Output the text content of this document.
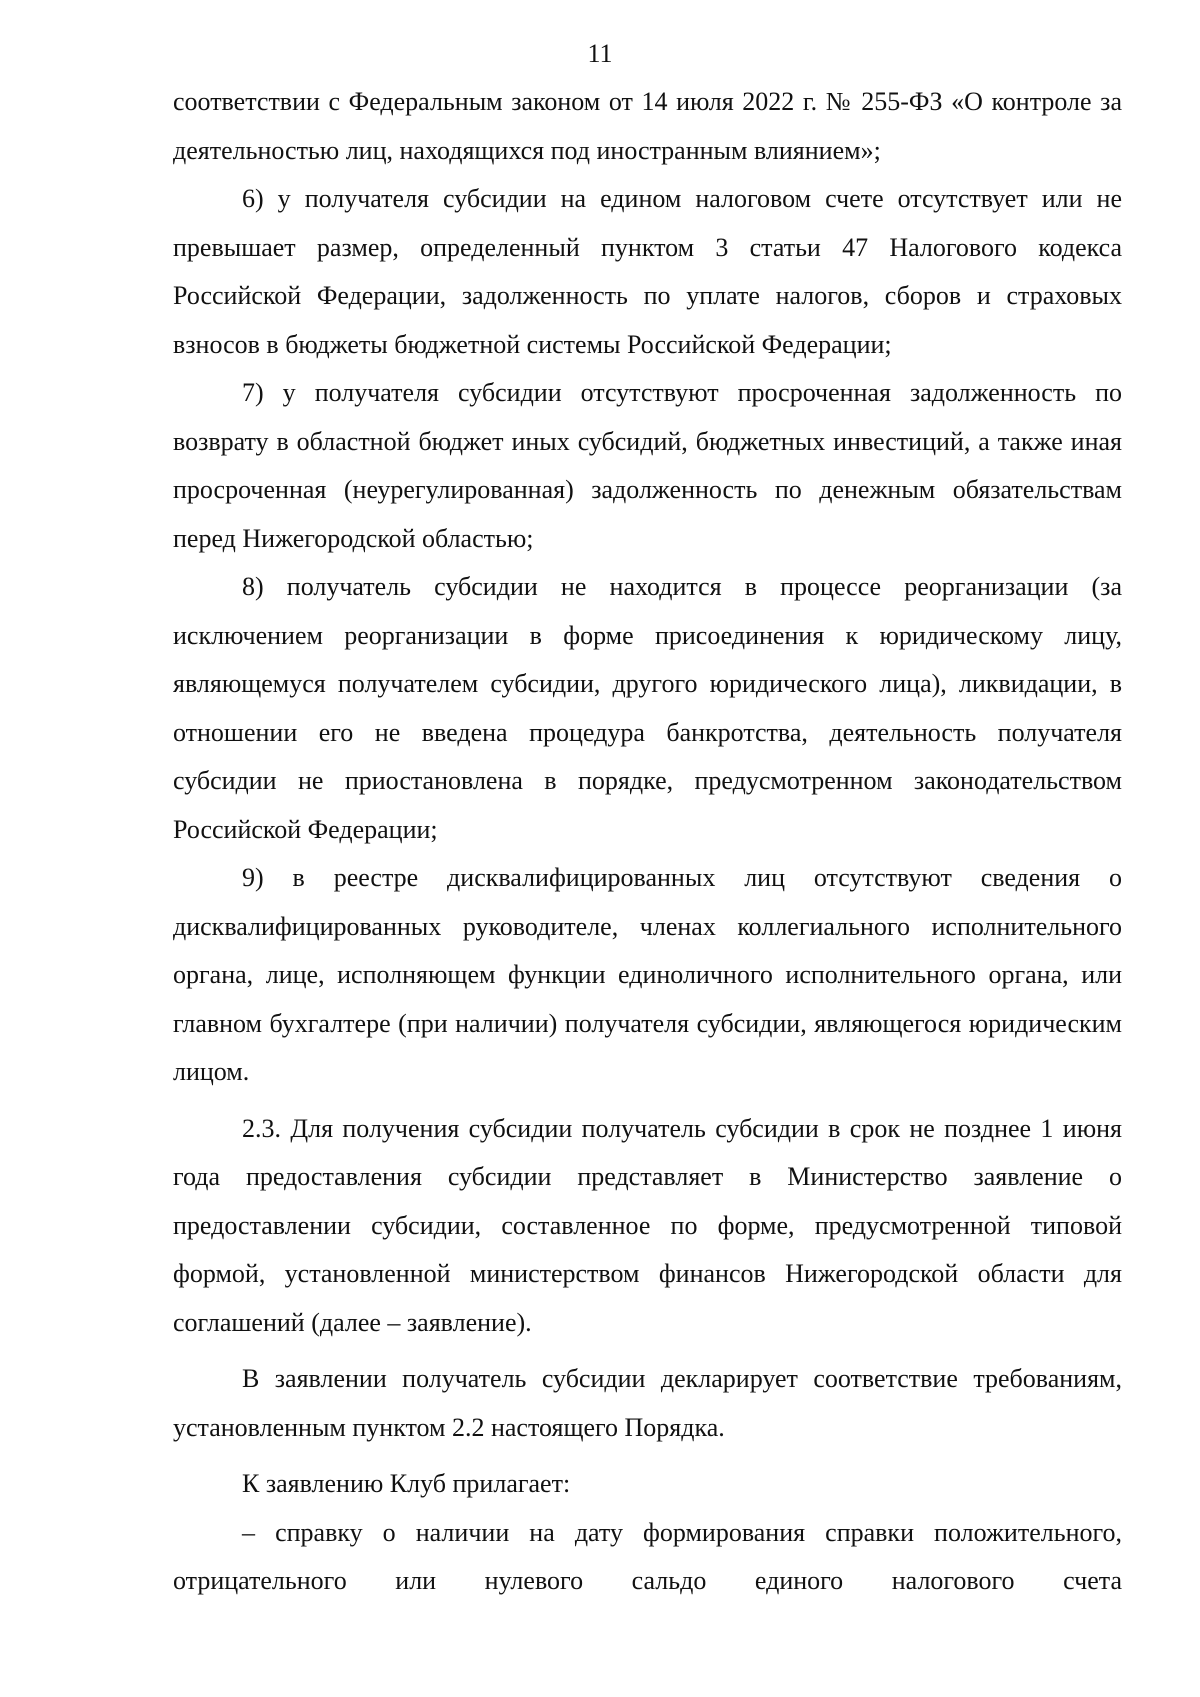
11

соответствии с Федеральным законом от 14 июля 2022 г. № 255-ФЗ «О контроле за деятельностью лиц, находящихся под иностранным влиянием»;

6) у получателя субсидии на едином налоговом счете отсутствует или не превышает размер, определенный пунктом 3 статьи 47 Налогового кодекса Российской Федерации, задолженность по уплате налогов, сборов и страховых взносов в бюджеты бюджетной системы Российской Федерации;

7) у получателя субсидии отсутствуют просроченная задолженность по возврату в областной бюджет иных субсидий, бюджетных инвестиций, а также иная просроченная (неурегулированная) задолженность по денежным обязательствам перед Нижегородской областью;

8) получатель субсидии не находится в процессе реорганизации (за исключением реорганизации в форме присоединения к юридическому лицу, являющемуся получателем субсидии, другого юридического лица), ликвидации, в отношении его не введена процедура банкротства, деятельность получателя субсидии не приостановлена в порядке, предусмотренном законодательством Российской Федерации;

9) в реестре дисквалифицированных лиц отсутствуют сведения о дисквалифицированных руководителе, членах коллегиального исполнительного органа, лице, исполняющем функции единоличного исполнительного органа, или главном бухгалтере (при наличии) получателя субсидии, являющегося юридическим лицом.

2.3. Для получения субсидии получатель субсидии в срок не позднее 1 июня года предоставления субсидии представляет в Министерство заявление о предоставлении субсидии, составленное по форме, предусмотренной типовой формой, установленной министерством финансов Нижегородской области для соглашений (далее – заявление).

В заявлении получатель субсидии декларирует соответствие требованиям, установленным пунктом 2.2 настоящего Порядка.

К заявлению Клуб прилагает:

– справку о наличии на дату формирования справки положительного, отрицательного или нулевого сальдо единого налогового счета
